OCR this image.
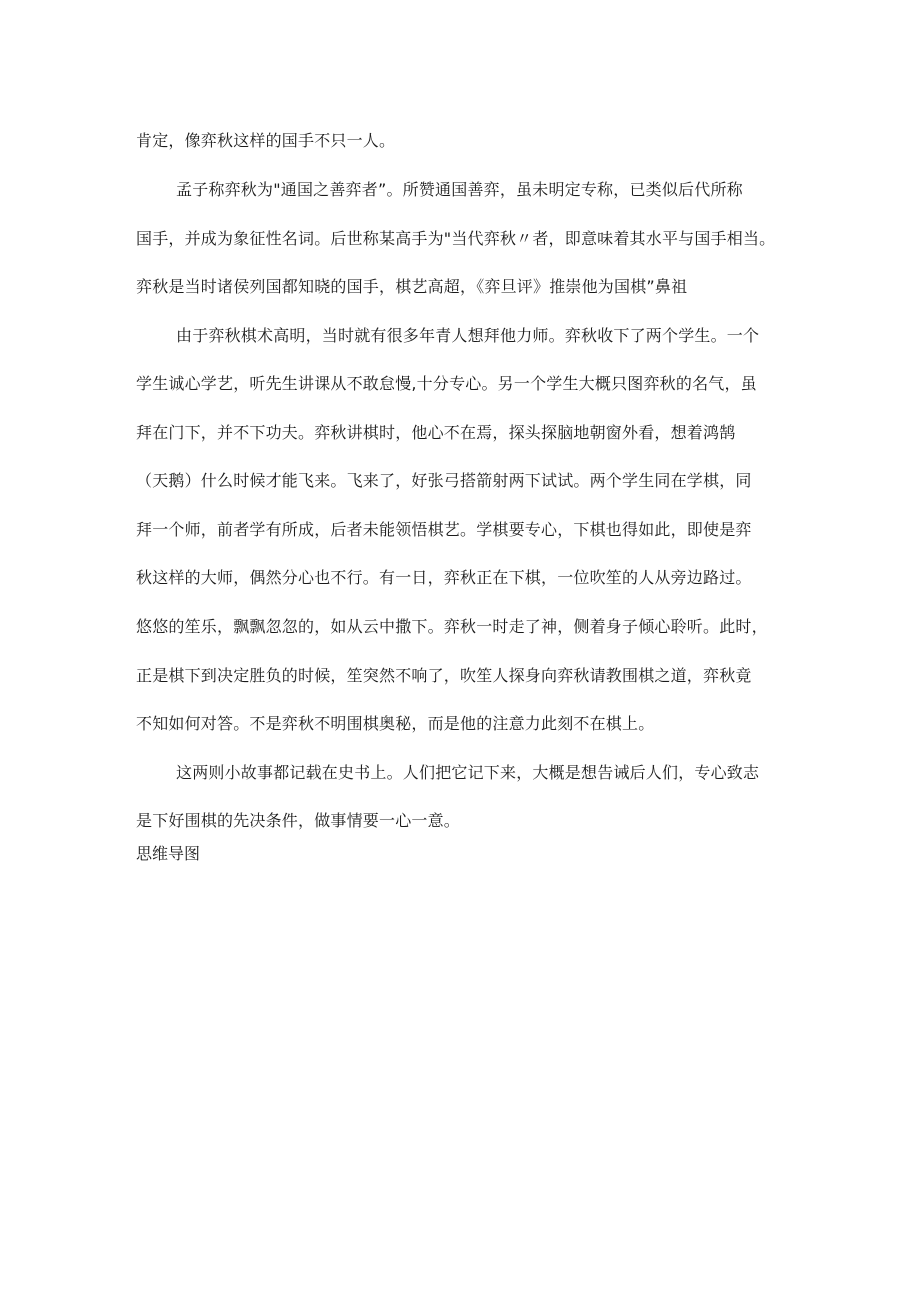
肯定，像弈秋这样的国手不只一人。
孟子称弈秋为"通国之善弈者”。所赞通国善弈，虽未明定专称，已类似后代所称
国手，并成为象征性名词。后世称某高手为"当代弈秋〃者，即意味着其水平与国手相当。
弈秋是当时诸侯列国都知晓的国手，棋艺高超，《弈旦评》推崇他为国棋”鼻祖
由于弈秋棋术高明，当时就有很多年青人想拜他力师。弈秋收下了两个学生。一个
学生诚心学艺，听先生讲课从不敢怠慢,十分专心。另一个学生大概只图弈秋的名气，虽
拜在门下，并不下功夫。弈秋讲棋时，他心不在焉，探头探脑地朝窗外看，想着鸿鹄
（天鹅）什么时候才能飞来。飞来了，好张弓搭箭射两下试试。两个学生同在学棋，同
拜一个师，前者学有所成，后者未能领悟棋艺。学棋要专心，下棋也得如此，即使是弈
秋这样的大师，偶然分心也不行。有一日，弈秋正在下棋，一位吹笙的人从旁边路过。
悠悠的笙乐，飘飘忽忽的，如从云中撒下。弈秋一时走了神，侧着身子倾心聆听。此时，
正是棋下到决定胜负的时候，笙突然不响了，吹笙人探身向弈秋请教围棋之道，弈秋竟
不知如何对答。不是弈秋不明围棋奥秘，而是他的注意力此刻不在棋上。
这两则小故事都记载在史书上。人们把它记下来，大概是想告诫后人们，专心致志
是下好围棋的先决条件，做事情要一心一意。
思维导图
